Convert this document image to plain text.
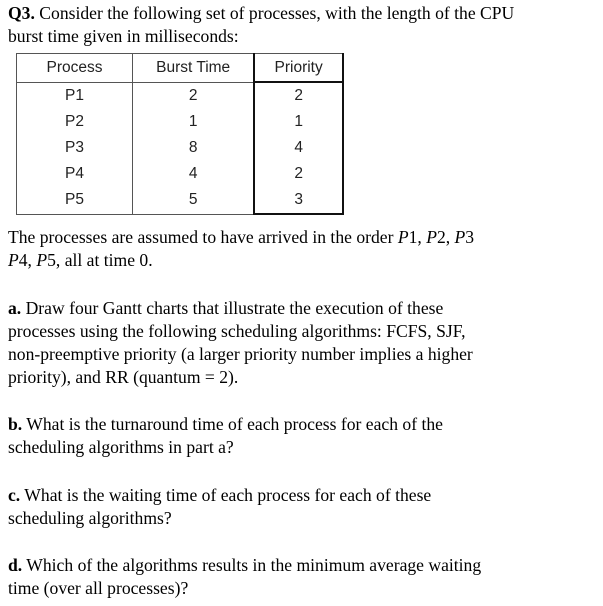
Q3. Consider the following set of processes, with the length of the CPU
burst time given in milliseconds:
Process	Burst Time	Priority
P1	2	2
P2	1	1
P3	8	4
P4	4	2
P5	5	3
The processes are assumed to have arrived in the order P1, P2, P3
P4, P5, all at time 0.
a. Draw four Gantt charts that illustrate the execution of these
processes using the following scheduling algorithms: FCFS, SJF,
non-preemptive priority (a larger priority number implies a higher
priority), and RR (quantum = 2).
b. What is the turnaround time of each process for each of the
scheduling algorithms in part a?
c. What is the waiting time of each process for each of these
scheduling algorithms?
d. Which of the algorithms results in the minimum average waiting
time (over all processes)?
